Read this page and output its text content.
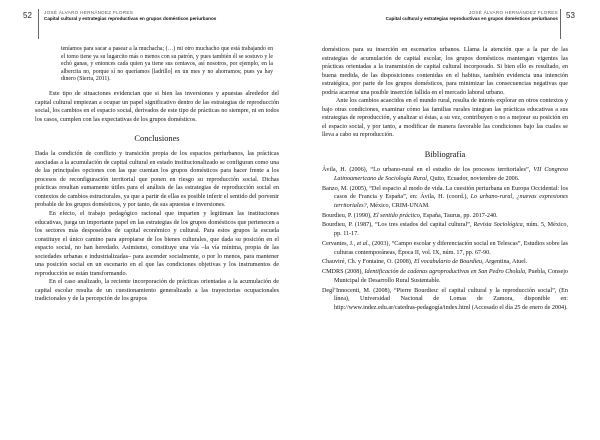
52	JOSÉ ÁLVARO HERNÁNDEZ FLORES
Capital cultural y estrategias reproductivas en grupos domésticos periurbanos

teníamos para sacar a pasear a la muchacha; (…) mi otro muchacho que está trabajando en el tomo tiene ya su lugarcito más o menos con su patrón, y pues también él se sostuvo y le echó ganas, y entonces cada quien ya tiene sus centavos, así nosotros, por ejemplo, en la albercita no, porque sí no queríamos [ladrillo] en un mes y no ahorramos; pues ya hay dinero (Sierra, 2011).

Este tipo de situaciones evidencian que si bien las inversiones y apuestas alrededor del capital cultural empiezan a ocupar un papel significativo dentro de las estrategias de reproducción social, los cambios en el espacio social, derivados de este tipo de prácticas no siempre, ni en todos los casos, cumplen con las expectativas de los grupos domésticos.

Conclusiones

Dada la condición de conflicto y transición propia de los espacios periurbanos, las prácticas asociadas a la acumulación de capital cultural en estado institucionalizado se configuran como una de las principales opciones con las que cuentan los grupos domésticos para hacer frente a los procesos de reconfiguración territorial que ponen en riesgo su reproducción social. Dichas prácticas resultan sumamente útiles para el análisis de las estrategias de reproducción social en contextos de cambios estructurales, ya que a partir de ellas es posible inferir el sentido del porvenir probable de los grupos domésticos, y por tanto, de sus apuestas e inversiones.

En efecto, el trabajo pedagógico racional que imparten y legitiman las instituciones educativas, juega un importante papel en las estrategias de los grupos domésticos que pertenecen a los sectores más desposeídos de capital económico y cultural. Para estos grupos la escuela constituye el único camino para apropiarse de los bienes culturales, que dada su posición en el espacio social, no han heredado. Asimismo, constituye una vía –la vía mínima, propia de las sociedades urbanas e industrializadas– para ascender socialmente, o por lo menos, para mantener una posición social en un escenario en el que las condiciones objetivas y los instrumentos de reproducción se están transformando.

En el caso analizado, la reciente incorporación de prácticas orientadas a la acumulación de capital escolar resulta de un cuestionamiento generalizado a las trayectorias ocupacionales tradicionales y de la percepción de los grupos

53
JOSÉ ÁLVARO HERNÁNDEZ FLORES
Capital cultural y estrategias reproductivas en grupos domésticos periurbanos

domésticos para su inserción en escenarios urbanos. Llama la atención que a la par de las estrategias de acumulación de capital escolar, los grupos domésticos mantengan vigentes las prácticas orientadas a la transmisión de capital cultural incorporado. Si bien ello es resultado, en buena medida, de las disposiciones contenidas en el habitus, también evidencia una intención estratégica, por parte de los grupos domésticos, para minimizar las consecuencias negativas que podría acarrear una posible inserción fallida en el mercado laboral urbano.

Ante los cambios acaecidos en el mundo rural, resulta de interés explorar en otros contextos y bajo otras condiciones, examinar cómo las familias rurales integran las prácticas educativas a sus estrategias de reproducción, y analizar si éstas, a su vez, contribuyen o no a mejorar su posición en el espacio social, y por tanto, a modificar de manera favorable las condiciones bajo las cuales se lleva a cabo su reproducción.

Bibliografía

Ávila, H. (2006), “Lo urbano-rural en el estudio de los procesos territoriales”, VII Congreso Latinoamericano de Sociología Rural, Quito, Ecuador, noviembre de 2006.

Banzo, M. (2005), “Del espacio al modo de vida. La cuestión periurbana en Europa Occidental: los casos de Francia y España”, en: Ávila, H. (coord.), Lo urbano-rural, ¿nuevas expresiones territoriales?, México, CRIM-UNAM.

Bourdieu, P. (1990), El sentido práctico, España, Taurus, pp. 2017-240.

Bourdieu, P. (1987), “Los tres estados del capital cultural”, Revista Sociológica, núm. 5, México, pp. 11-17.

Cervantes, J., et al., (2003), “Campo escolar y diferenciación social en Telescas”, Estudios sobre las culturas contemporáneas, Época II, vol. IX, núm. 17, pp. 67-90.

Chauviré, Ch. y Fontaine, O. (2008), El vocabulario de Bourdieu, Argentina, Atuel.

CMDRS (2008), Identificación de cadenas agroproductivas en San Pedro Cholula, Puebla, Consejo Municipal de Desarrollo Rural Sustentable.

Degl’Innocenti, M. (2008), “Pierre Bourdieu: el capital cultural y la reproducción social”, (En línea), Universidad Nacional de Lomas de Zamora, disponible en: http://www.indez.edu.ar/catedras-pedagogía/index.html (Accesado el día 25 de enero de 2004).
